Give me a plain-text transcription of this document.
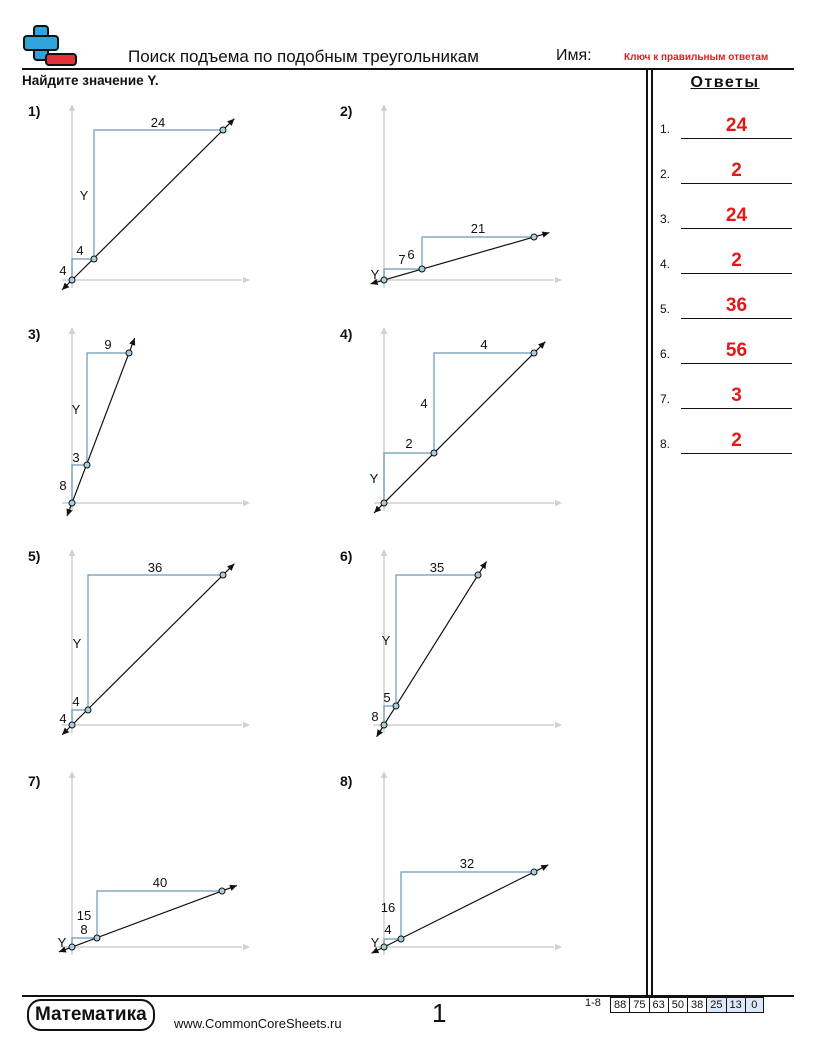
Поиск подъема по подобным треугольникам	Имя:	Ключ к правильным ответам
Найдите значение Y.	Ответы
1.	24
2.	2
3.	24
4.	2
5.	36
6.	56
7.	3
8.	2
1)
4
4
24
Y
2)
6
Y
21
7
3)
3
8
9
Y
4)
2
Y
4
4
5)
4
4
36
Y
6)
5
8
35
Y
7)
8
Y
40
15
8)
4
Y
32
16
Математика	www.CommonCoreSheets.ru	1	1-8 88	75	63	50	38	25	13	0
